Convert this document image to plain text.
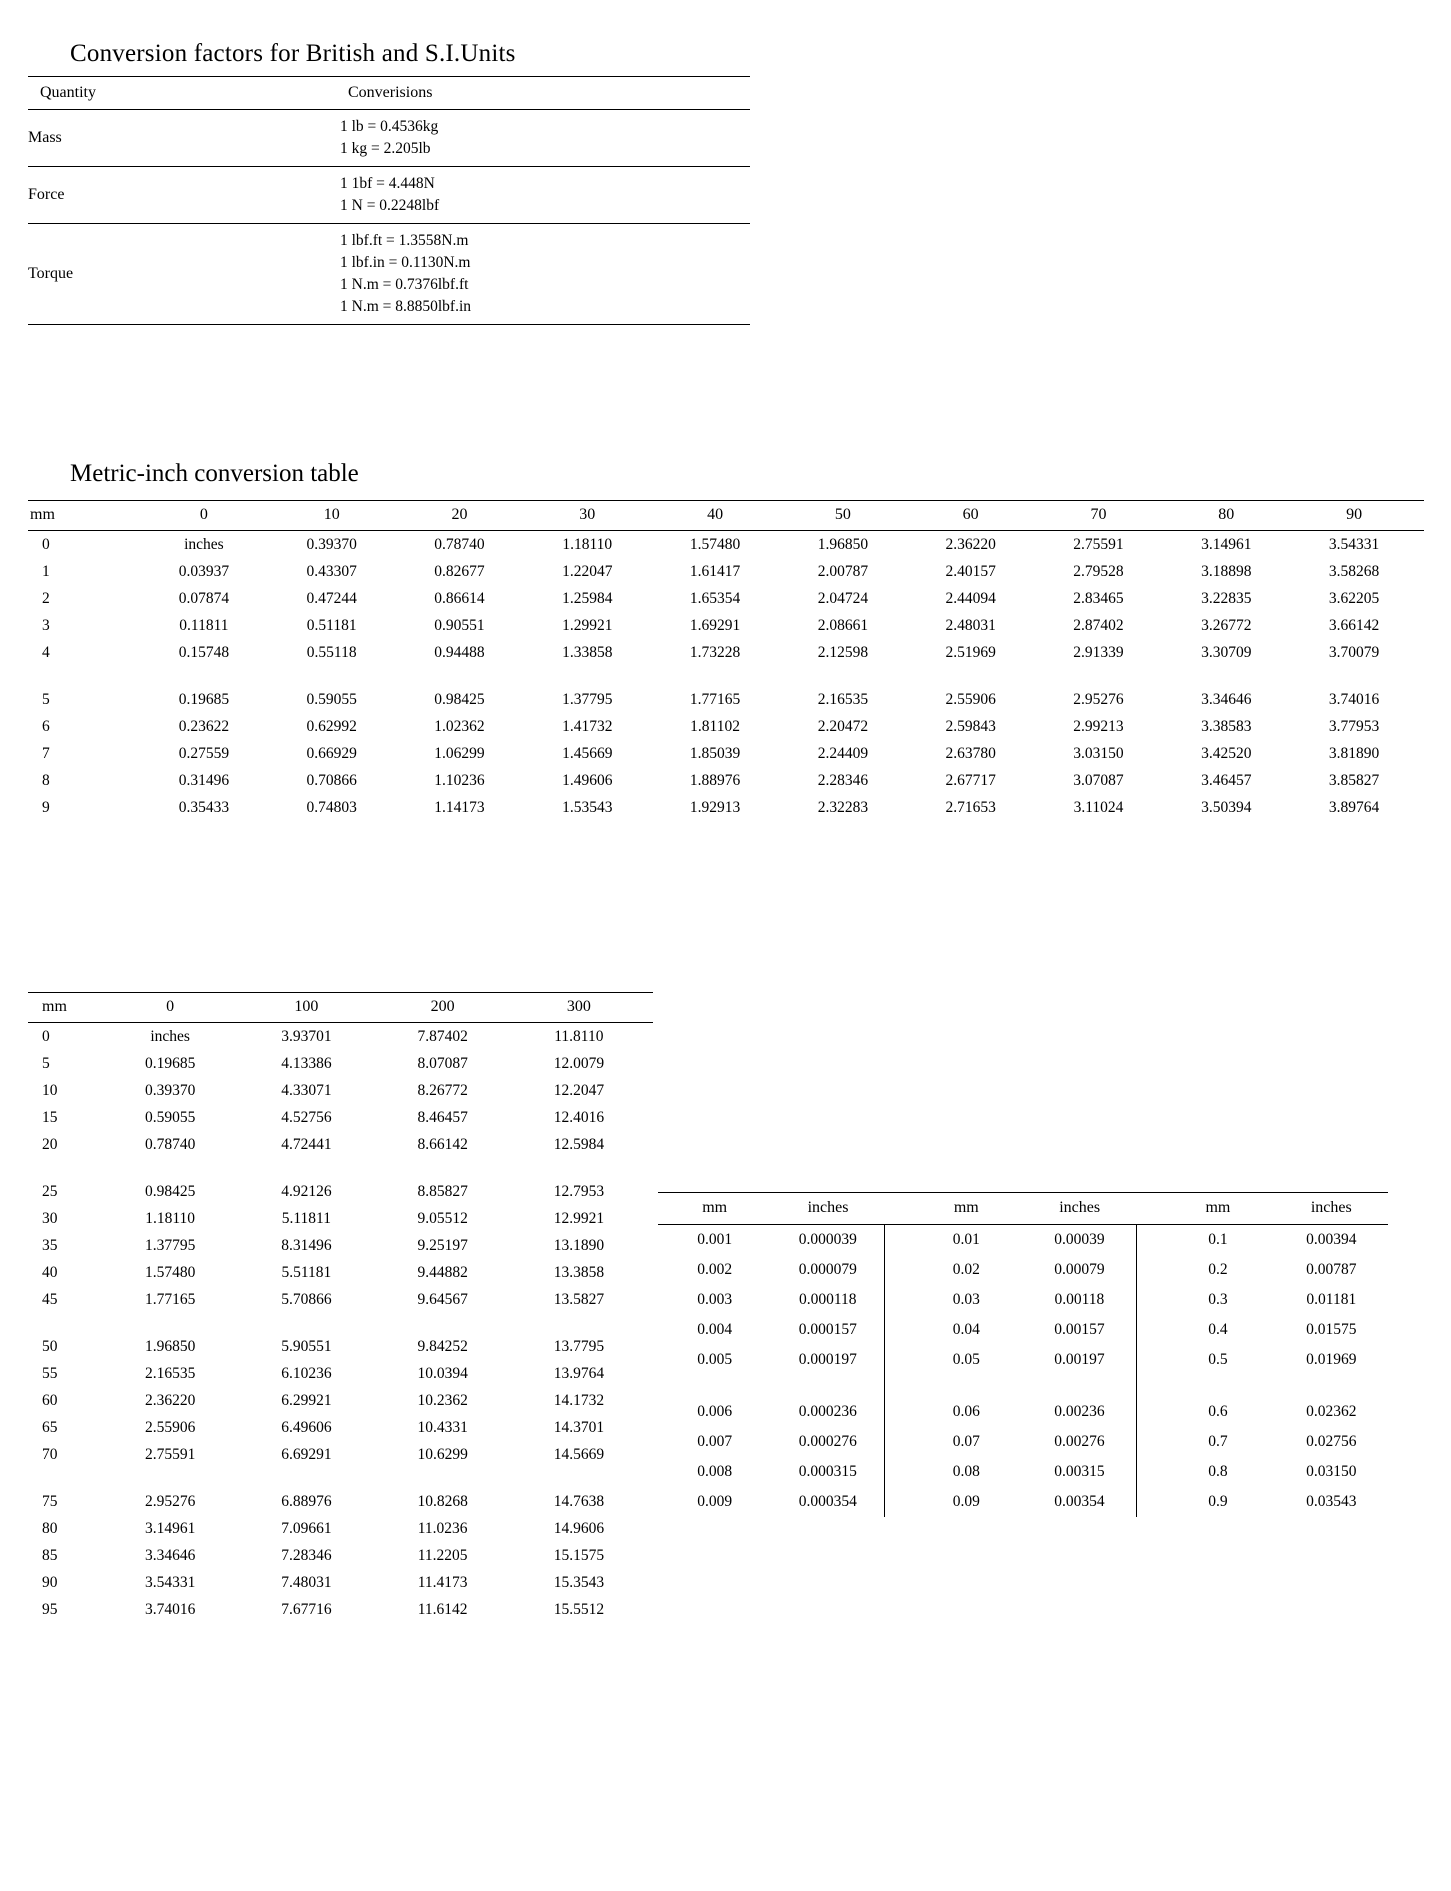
Conversion factors for British and S.I.Units
Quantity	Converisions
Mass	1 lb = 0.4536kg
1 kg = 2.205lb

Force	1 1bf = 4.448N
1 N = 0.2248lbf

Torque	1 lbf.ft = 1.3558N.m
1 lbf.in = 0.1130N.m
1 N.m = 0.7376lbf.ft
1 N.m = 8.8850lbf.in
Metric-inch conversion table
mm	0	10	20	30	40	50	60	70	80	90
0	inches	0.39370	0.78740	1.18110	1.57480	1.96850	2.36220	2.75591	3.14961	3.54331
1	0.03937	0.43307	0.82677	1.22047	1.61417	2.00787	2.40157	2.79528	3.18898	3.58268
2	0.07874	0.47244	0.86614	1.25984	1.65354	2.04724	2.44094	2.83465	3.22835	3.62205
3	0.11811	0.51181	0.90551	1.29921	1.69291	2.08661	2.48031	2.87402	3.26772	3.66142
4	0.15748	0.55118	0.94488	1.33858	1.73228	2.12598	2.51969	2.91339	3.30709	3.70079

5	0.19685	0.59055	0.98425	1.37795	1.77165	2.16535	2.55906	2.95276	3.34646	3.74016
6	0.23622	0.62992	1.02362	1.41732	1.81102	2.20472	2.59843	2.99213	3.38583	3.77953
7	0.27559	0.66929	1.06299	1.45669	1.85039	2.24409	2.63780	3.03150	3.42520	3.81890
8	0.31496	0.70866	1.10236	1.49606	1.88976	2.28346	2.67717	3.07087	3.46457	3.85827
9	0.35433	0.74803	1.14173	1.53543	1.92913	2.32283	2.71653	3.11024	3.50394	3.89764
mm	0	100	200	300
0	inches	3.93701	7.87402	11.8110
5	0.19685	4.13386	8.07087	12.0079
10	0.39370	4.33071	8.26772	12.2047
15	0.59055	4.52756	8.46457	12.4016
20	0.78740	4.72441	8.66142	12.5984

25	0.98425	4.92126	8.85827	12.7953
30	1.18110	5.11811	9.05512	12.9921
35	1.37795	8.31496	9.25197	13.1890
40	1.57480	5.51181	9.44882	13.3858
45	1.77165	5.70866	9.64567	13.5827

50	1.96850	5.90551	9.84252	13.7795
55	2.16535	6.10236	10.0394	13.9764
60	2.36220	6.29921	10.2362	14.1732
65	2.55906	6.49606	10.4331	14.3701
70	2.75591	6.69291	10.6299	14.5669

75	2.95276	6.88976	10.8268	14.7638
80	3.14961	7.09661	11.0236	14.9606
85	3.34646	7.28346	11.2205	15.1575
90	3.54331	7.48031	11.4173	15.3543
95	3.74016	7.67716	11.6142	15.5512
mm	inches		mm	inches		mm	inches
0.001	0.000039		0.01	0.00039		0.1	0.00394
0.002	0.000079		0.02	0.00079		0.2	0.00787
0.003	0.000118		0.03	0.00118		0.3	0.01181
0.004	0.000157		0.04	0.00157		0.4	0.01575
0.005	0.000197		0.05	0.00197		0.5	0.01969

0.006	0.000236		0.06	0.00236		0.6	0.02362
0.007	0.000276		0.07	0.00276		0.7	0.02756
0.008	0.000315		0.08	0.00315		0.8	0.03150
0.009	0.000354		0.09	0.00354		0.9	0.03543
